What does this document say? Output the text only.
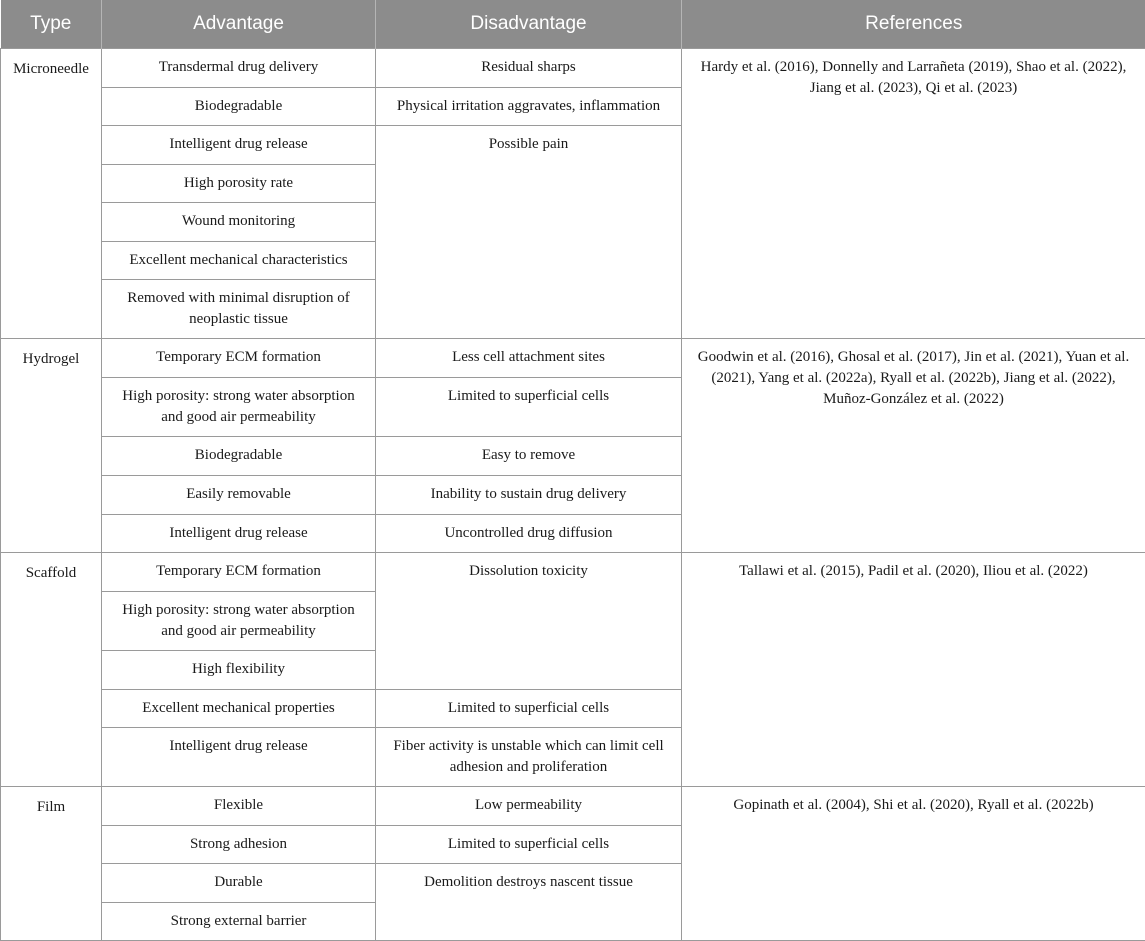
Type	Advantage	Disadvantage	References
Microneedle	Transdermal drug delivery	Residual sharps	Hardy et al. (2016), Donnelly and Larrañeta (2019), Shao et al. (2022), Jiang et al. (2023), Qi et al. (2023)
	Biodegradable	Physical irritation aggravates, inflammation	
	Intelligent drug release	Possible pain	
	High porosity rate		
	Wound monitoring		
	Excellent mechanical characteristics		
	Removed with minimal disruption of neoplastic tissue		
Hydrogel	Temporary ECM formation	Less cell attachment sites	Goodwin et al. (2016), Ghosal et al. (2017), Jin et al. (2021), Yuan et al. (2021), Yang et al. (2022a), Ryall et al. (2022b), Jiang et al. (2022), Muñoz-González et al. (2022)
	High porosity: strong water absorption and good air permeability	Limited to superficial cells	
	Biodegradable	Easy to remove	
	Easily removable	Inability to sustain drug delivery	
	Intelligent drug release	Uncontrolled drug diffusion	
Scaffold	Temporary ECM formation	Dissolution toxicity	Tallawi et al. (2015), Padil et al. (2020), Iliou et al. (2022)
	High porosity: strong water absorption and good air permeability		
	High flexibility		
	Excellent mechanical properties	Limited to superficial cells	
	Intelligent drug release	Fiber activity is unstable which can limit cell adhesion and proliferation	
Film	Flexible	Low permeability	Gopinath et al. (2004), Shi et al. (2020), Ryall et al. (2022b)
	Strong adhesion	Limited to superficial cells	
	Durable	Demolition destroys nascent tissue	
	Strong external barrier		
